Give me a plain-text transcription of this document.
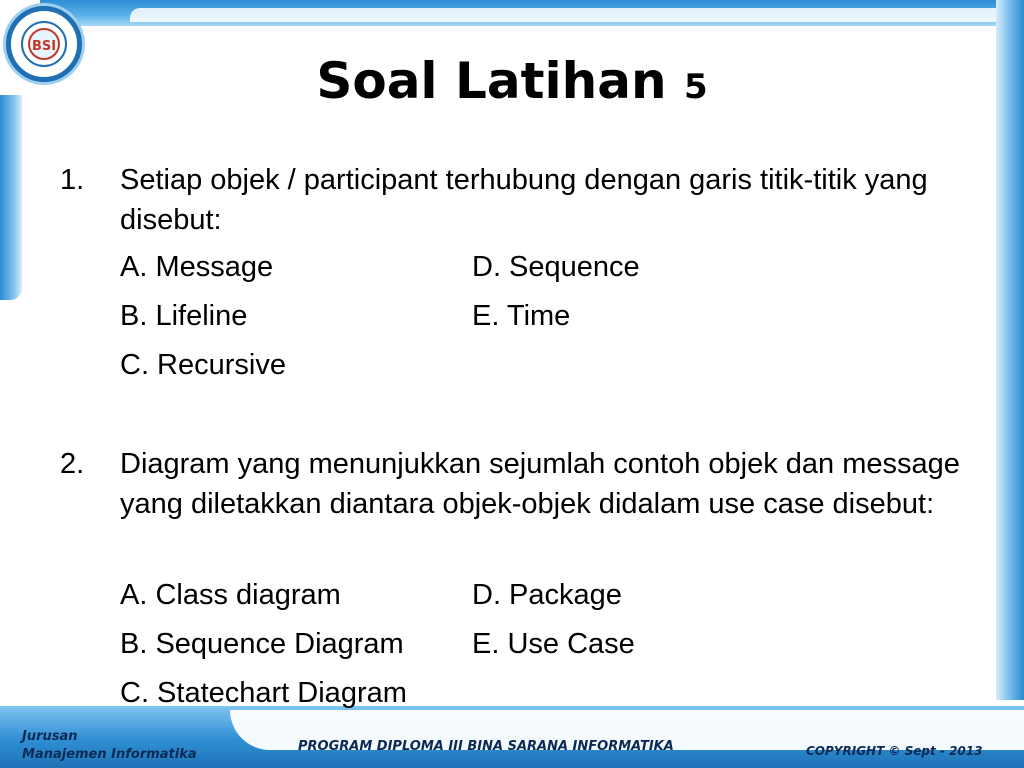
BSI
Soal Latihan 5
1. Setiap objek / participant terhubung dengan garis titik-titik yang disebut:
A. Message	D. Sequence
B. Lifeline	E. Time
C. Recursive
2. Diagram yang menunjukkan sejumlah contoh objek dan message yang diletakkan diantara objek-objek didalam use case disebut:
A. Class diagram	D. Package
B. Sequence Diagram E. Use Case
C. Statechart Diagram
Jurusan
Manajemen Informatika
PROGRAM DIPLOMA III BINA SARANA INFORMATIKA	COPYRIGHT © Sept - 2013
